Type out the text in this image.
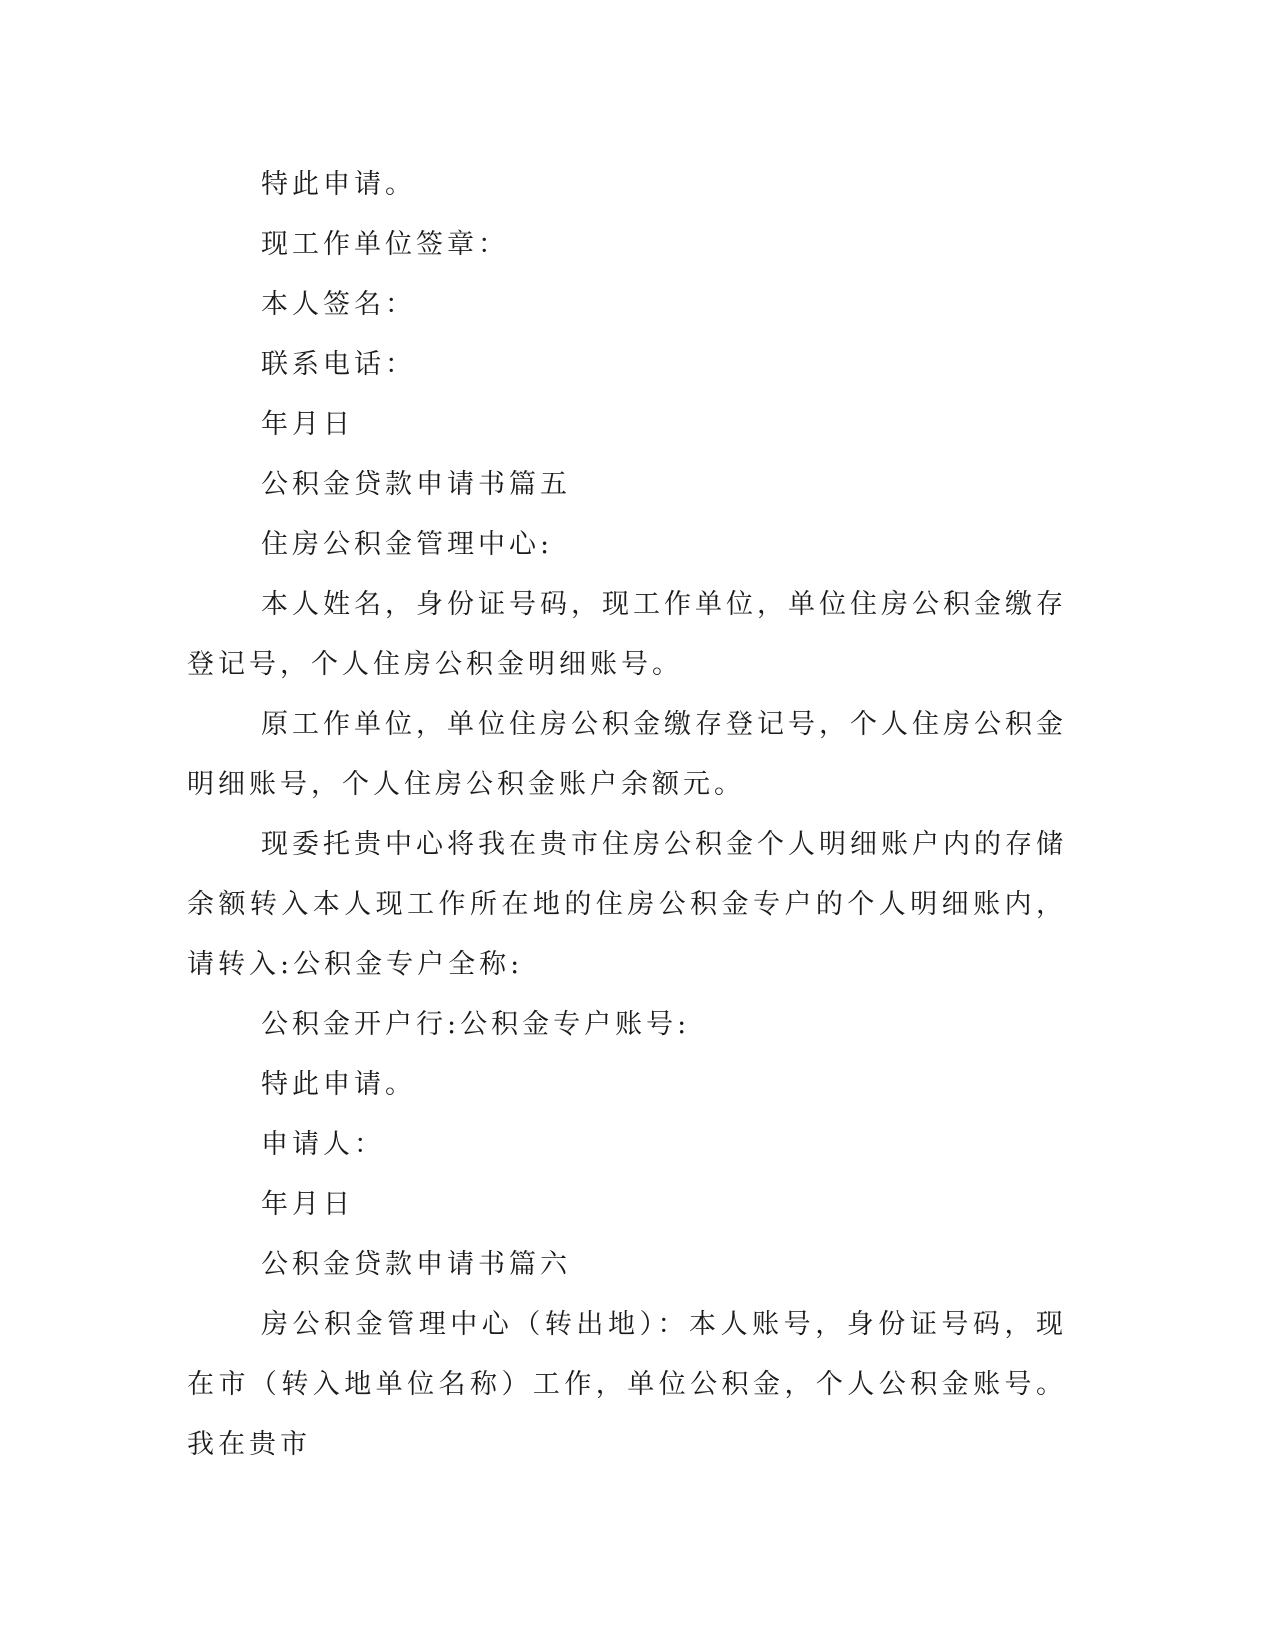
特此申请。

现工作单位签章：

本人签名：

联系电话：

年月日

公积金贷款申请书篇五

住房公积金管理中心:

本人姓名，身份证号码，现工作单位，单位住房公积金缴存登记号，个人住房公积金明细账号。

原工作单位，单位住房公积金缴存登记号，个人住房公积金明细账号，个人住房公积金账户余额元。

现委托贵中心将我在贵市住房公积金个人明细账户内的存储余额转入本人现工作所在地的住房公积金专户的个人明细账内，请转入:公积金专户全称:

公积金开户行:公积金专户账号:

特此申请。

申请人：

年月日

公积金贷款申请书篇六

房公积金管理中心（转出地）：本人账号，身份证号码，现在市（转入地单位名称）工作，单位公积金，个人公积金账号。我在贵市
